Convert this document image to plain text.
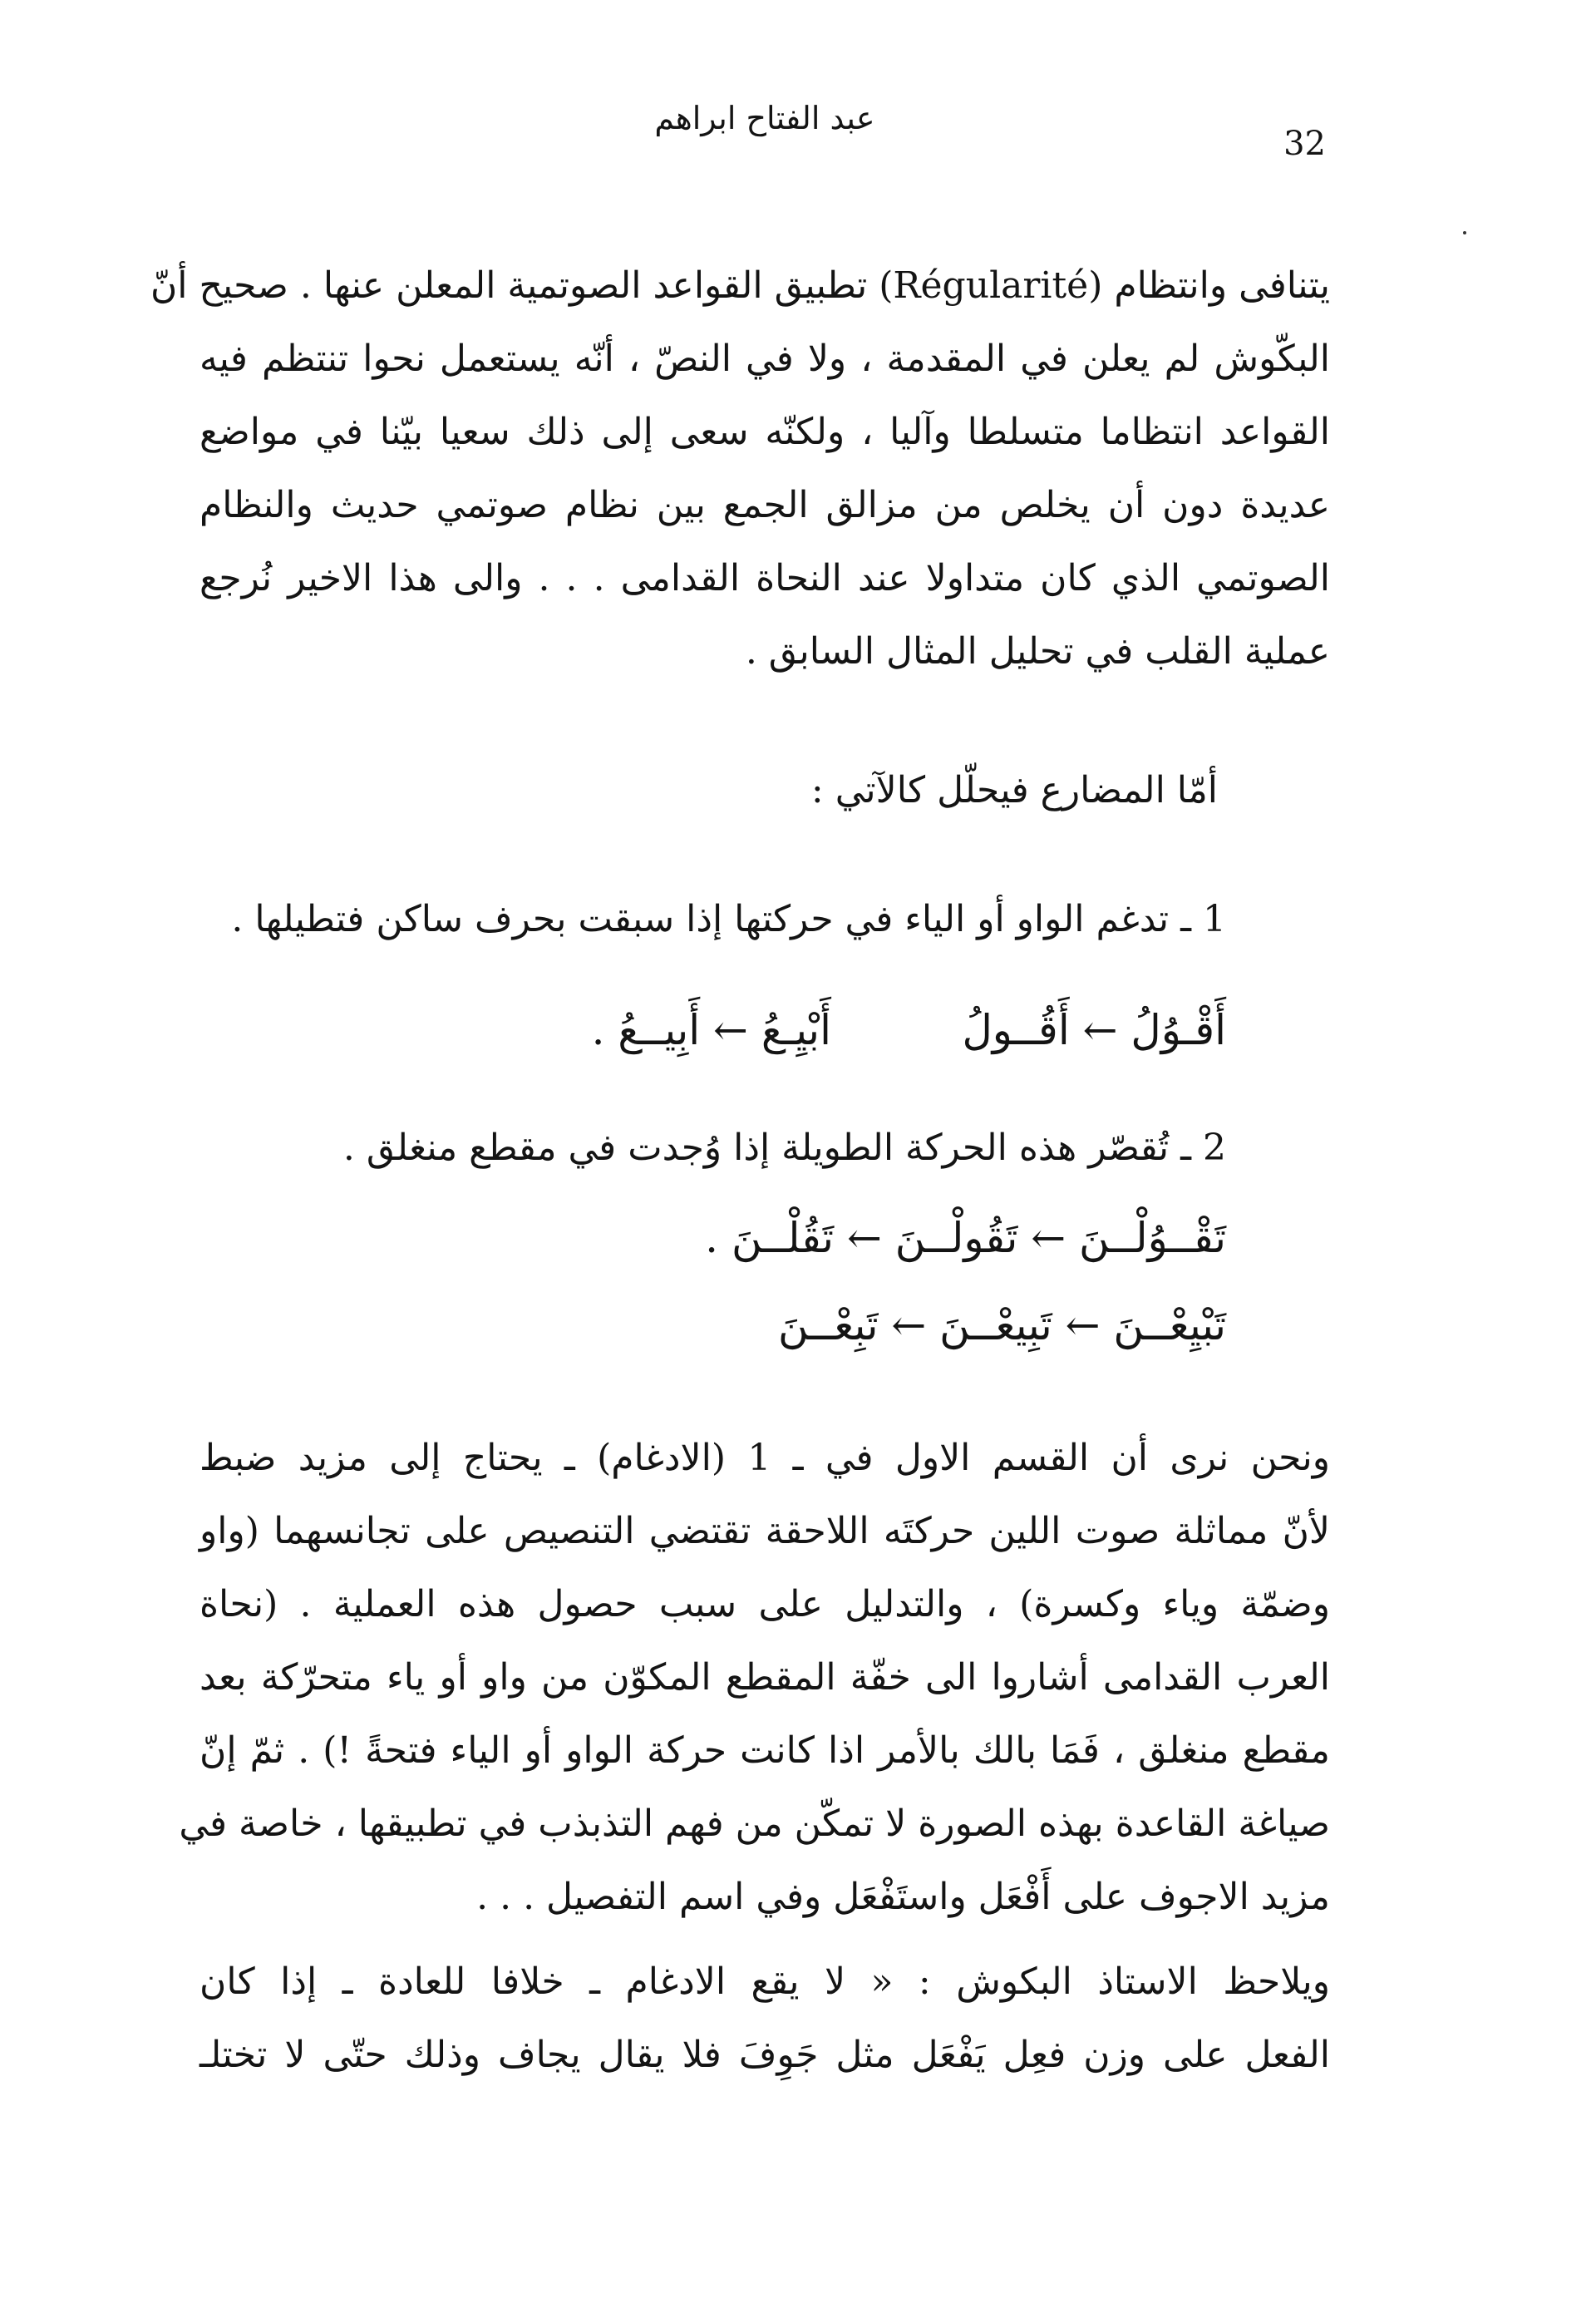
عبد الفتاح ابراهم
32
يتنافى وانتظام (Régularité) تطبيق القواعد الصوتمية المعلن عنها . صحيح أنّ
البكّوش لم يعلن في المقدمة ، ولا في النصّ ، أنّه يستعمل نحوا تنتظم فيه
القواعد انتظاما متسلطا وآليا ، ولكنّه سعى إلى ذلك سعيا بيّنا في مواضع
عديدة دون أن يخلص من مزالق الجمع بين نظام صوتمي حديث والنظام
الصوتمي الذي كان متداولا عند النحاة القدامى . . . والى هذا الاخير نُرجع
عملية القلب في تحليل المثال السابق .
أمّا المضارع فيحلّل كالآتي :
1 ـ تدغم الواو أو الياء في حركتها إذا سبقت بحرف ساكن فتطيلها .
أَقْـوُلُ ← أَقُــولُ
أَبْيِـعُ ← أَبِيــعُ .
2 ـ تُقصّر هذه الحركة الطويلة إذا وُجدت في مقطع منغلق .
تَقْــوُلْــنَ ← تَقُولْــنَ ← تَقُلْــنَ .
تَبْيِعْــنَ ← تَبِيعْــنَ ← تَبِعْــنَ
ونحن نرى أن القسم الاول في ـ 1 (الادغام) ـ يحتاج إلى مزيد ضبط
لأنّ مماثلة صوت اللين حركتَه اللاحقة تقتضي التنصيص على تجانسهما (واو
وضمّة وياء وكسرة) ، والتدليل على سبب حصول هذه العملية . (نحاة
العرب القدامى أشاروا الى خفّة المقطع المكوّن من واو أو ياء متحرّكة بعد
مقطع منغلق ، فَمَا بالك بالأمر اذا كانت حركة الواو أو الياء فتحةً !) . ثمّ إنّ
صياغة القاعدة بهذه الصورة لا تمكّن من فهم التذبذب في تطبيقها ، خاصة في
مزيد الاجوف على أَفْعَل واستَفْعَل وفي اسم التفصيل . . .
ويلاحظ الاستاذ البكوش : « لا يقع الادغام ـ خلافا للعادة ـ إذا كان
الفعل على وزن فعِل يَفْعَل مثل جَوِفَ فلا يقال يجاف وذلك حتّى لا تختلـ
